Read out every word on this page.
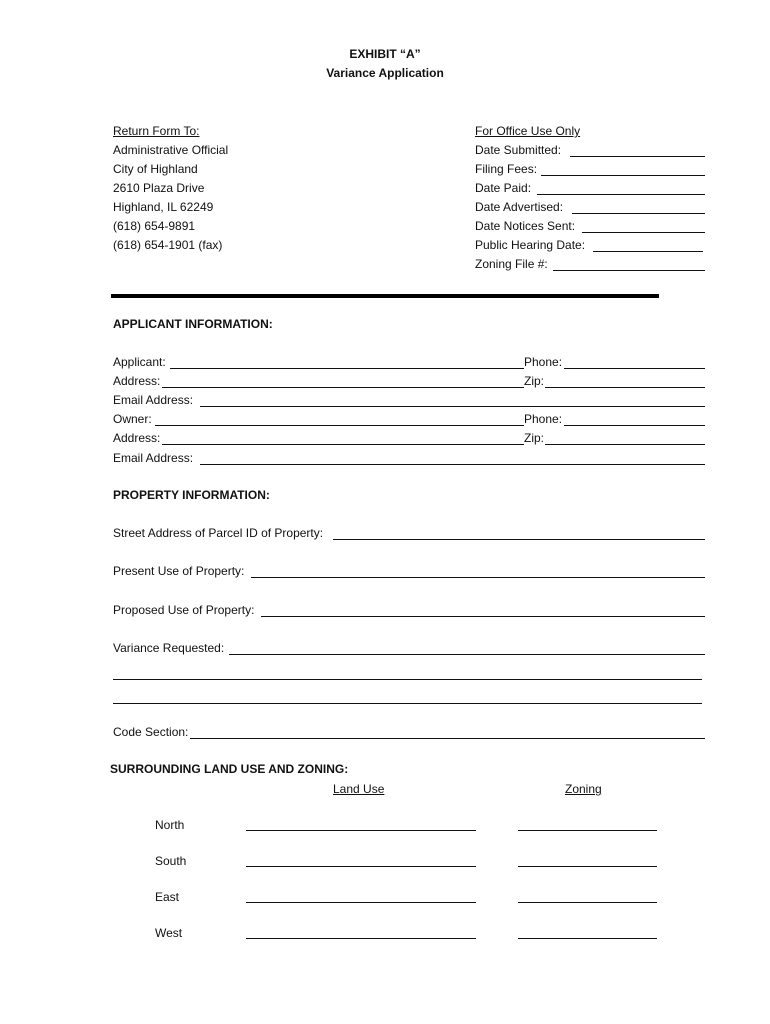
EXHIBIT “A”
Variance Application
Return Form To:
Administrative Official
City of Highland
2610 Plaza Drive
Highland, IL 62249
(618) 654-9891
(618) 654-1901 (fax)
For Office Use Only
Date Submitted:
Filing Fees:
Date Paid:
Date Advertised:
Date Notices Sent:
Public Hearing Date:
Zoning File #:
APPLICANT INFORMATION:
Applicant:	Phone:
Address:	Zip:
Email Address:
Owner:	Phone:
Address:	Zip:
Email Address:
PROPERTY INFORMATION:
Street Address of Parcel ID of Property:
Present Use of Property:
Proposed Use of Property:
Variance Requested:
Code Section:
SURROUNDING LAND USE AND ZONING:
Land Use	Zoning
North
South
East
West
